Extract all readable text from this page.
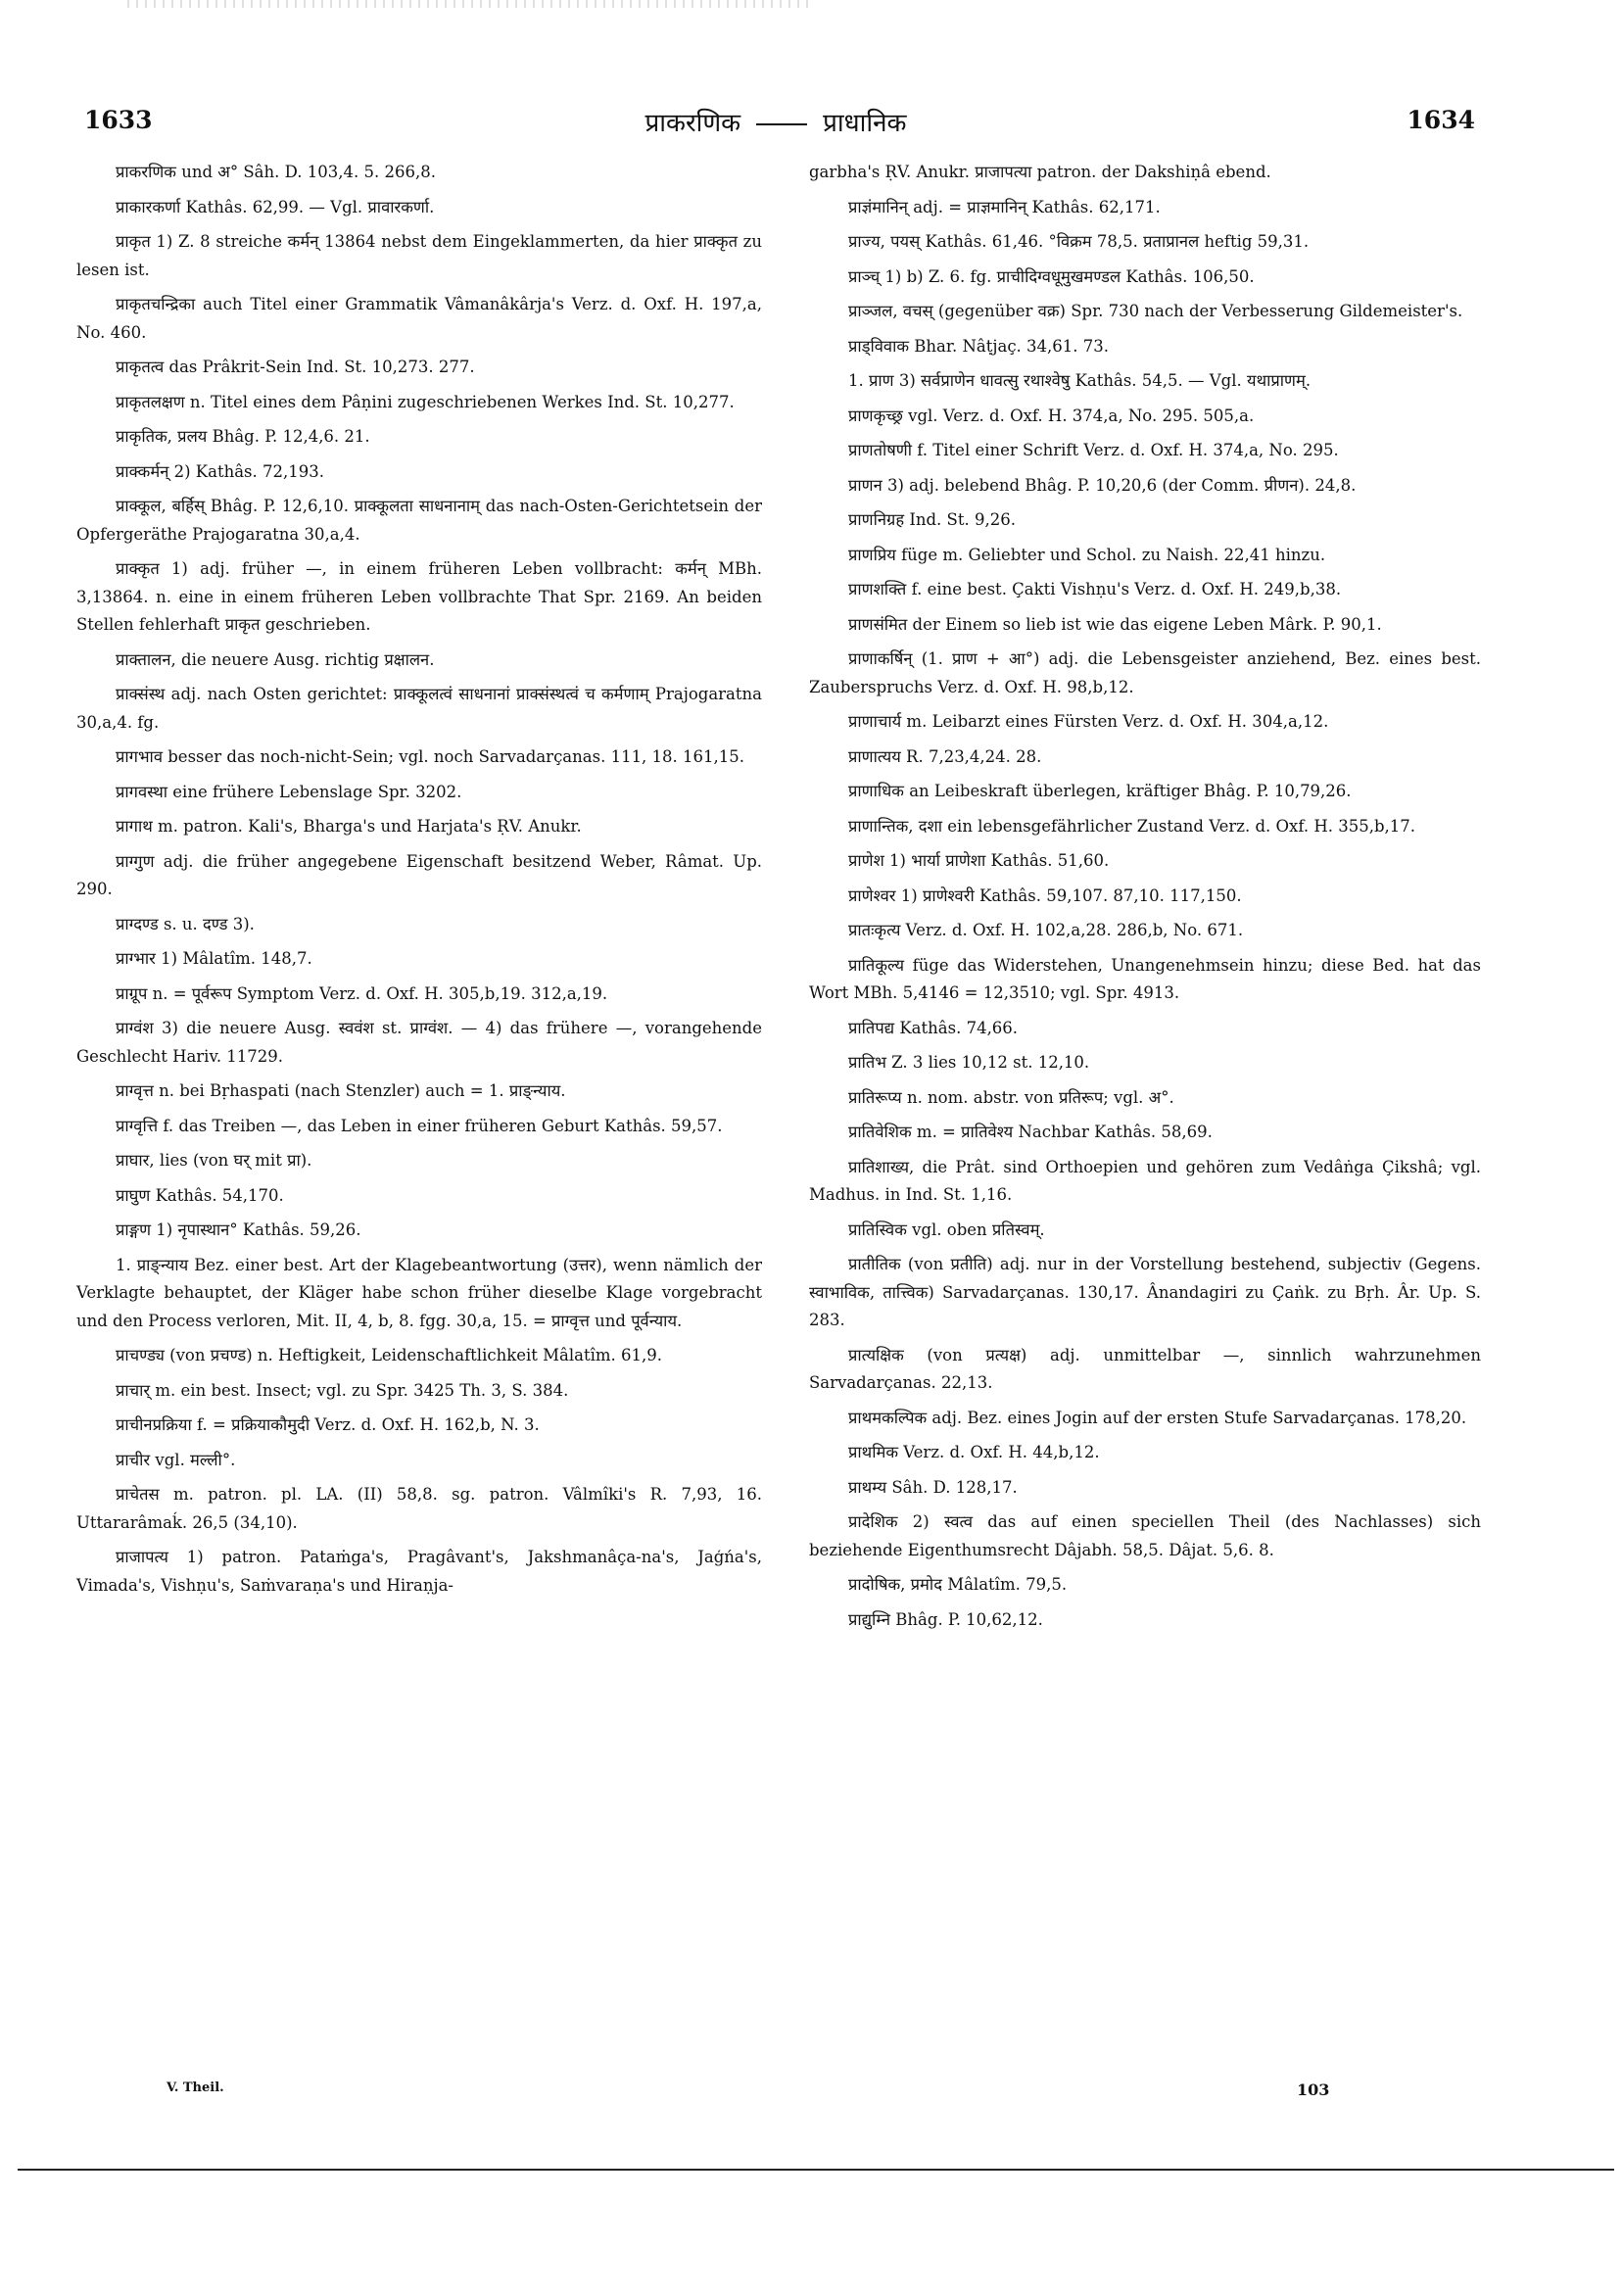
1633	प्राकरणिक	प्राधानिक	1634

प्राकरणिक und अ° Sâh. D. 103,4. 5. 266,8.

प्राकारकर्णा Kathâs. 62,99. — Vgl. प्रावारकर्णा.

प्राकृत 1) Z. 8 streiche कर्मन् 13864 nebst dem Eingeklammerten, da hier प्राक्कृत zu lesen ist.

प्राकृतचन्द्रिका auch Titel einer Grammatik Vâmanâkârja's Verz. d. Oxf. H. 197,a, No. 460.

प्राकृतत्व das Prâkrit-Sein Ind. St. 10,273. 277.

प्राकृतलक्षण n. Titel eines dem Pâṇini zugeschriebenen Werkes Ind. St. 10,277.

प्राकृतिक, प्रलय Bhâg. P. 12,4,6. 21.

प्राक्कर्मन् 2) Kathâs. 72,193.

प्राक्कूल, बर्हिस् Bhâg. P. 12,6,10. प्राक्कूलता साधनानाम् das nach-Osten-Gerichtetsein der Opfergeräthe Prajogaratna 30,a,4.

प्राक्कृत 1) adj. früher —, in einem früheren Leben vollbracht: कर्मन् MBh. 3,13864. n. eine in einem früheren Leben vollbrachte That Spr. 2169. An beiden Stellen fehlerhaft प्राकृत geschrieben.

प्राक्तालन, die neuere Ausg. richtig प्रक्षालन.

प्राक्संस्थ adj. nach Osten gerichtet: प्राक्कूलत्वं साधनानां प्राक्संस्थत्वं च कर्मणाम् Prajogaratna 30,a,4. fg.

प्रागभाव besser das noch-nicht-Sein; vgl. noch Sarvadarçanas. 111, 18. 161,15.

प्रागवस्था eine frühere Lebenslage Spr. 3202.

प्रागाथ m. patron. Kali's, Bharga's und Harjata's ṚV. Anukr.

प्राग्गुण adj. die früher angegebene Eigenschaft besitzend Weber, Râmat. Up. 290.

प्राग्दण्ड s. u. दण्ड 3).

प्राग्भार 1) Mâlatîm. 148,7.

प्राग्रूप n. = पूर्वरूप Symptom Verz. d. Oxf. H. 305,b,19. 312,a,19.

प्राग्वंश 3) die neuere Ausg. स्ववंश st. प्राग्वंश. — 4) das frühere —, vorangehende Geschlecht Hariv. 11729.

प्राग्वृत्त n. bei Bṛhaspati (nach Stenzler) auch = 1. प्राङ्न्याय.

प्राग्वृत्ति f. das Treiben —, das Leben in einer früheren Geburt Kathâs. 59,57.

प्राघार, lies (von घर् mit प्रा).

प्राघुण Kathâs. 54,170.

प्राङ्गण 1) नृपास्थान° Kathâs. 59,26.

1. प्राङ्न्याय Bez. einer best. Art der Klagebeantwortung (उत्तर), wenn nämlich der Verklagte behauptet, der Kläger habe schon früher dieselbe Klage vorgebracht und den Process verloren, Mit. II, 4, b, 8. fgg. 30,a, 15. = प्राग्वृत्त und पूर्वन्याय.

प्राचण्ड्य (von प्रचण्ड) n. Heftigkeit, Leidenschaftlichkeit Mâlatîm. 61,9.

प्राचार् m. ein best. Insect; vgl. zu Spr. 3425 Th. 3, S. 384.

प्राचीनप्रक्रिया f. = प्रक्रियाकौमुदी Verz. d. Oxf. H. 162,b, N. 3.

प्राचीर vgl. मल्ली°.

प्राचेतस m. patron. pl. LA. (II) 58,8. sg. patron. Vâlmîki's R. 7,93, 16. Uttararâmaḱ. 26,5 (34,10).

प्राजापत्य 1) patron. Pataṁga's, Pragâvant's, Jakshmanâça-na's, Jaģńa's, Vimada's, Vishṇu's, Saṁvaraṇa's und Hiraṇja-

garbha's ṚV. Anukr. प्राजापत्या patron. der Dakshiṇâ ebend.

प्राज्ञंमानिन् adj. = प्राज्ञमानिन् Kathâs. 62,171.

प्राज्य, पयस् Kathâs. 61,46. °विक्रम 78,5. प्रताप्रानल heftig 59,31.

प्राञ्च् 1) b) Z. 6. fg. प्राचीदिग्वधूमुखमण्डल Kathâs. 106,50.

प्राञ्जल, वचस् (gegenüber वक्र) Spr. 730 nach der Verbesserung Gildemeister's.

प्राड्विवाक Bhar. Nâṭjaç. 34,61. 73.

1. प्राण 3) सर्वप्राणेन धावत्सु रथाश्वेषु Kathâs. 54,5. — Vgl. यथाप्राणम्.

प्राणकृच्छ्र vgl. Verz. d. Oxf. H. 374,a, No. 295. 505,a.

प्राणतोषणी f. Titel einer Schrift Verz. d. Oxf. H. 374,a, No. 295.

प्राणन 3) adj. belebend Bhâg. P. 10,20,6 (der Comm. प्रीणन). 24,8.

प्राणनिग्रह Ind. St. 9,26.

प्राणप्रिय füge m. Geliebter und Schol. zu Naish. 22,41 hinzu.

प्राणशक्ति f. eine best. Çakti Vishṇu's Verz. d. Oxf. H. 249,b,38.

प्राणसंमित der Einem so lieb ist wie das eigene Leben Mârk. P. 90,1.

प्राणाकर्षिन् (1. प्राण + आ°) adj. die Lebensgeister anziehend, Bez. eines best. Zauberspruchs Verz. d. Oxf. H. 98,b,12.

प्राणाचार्य m. Leibarzt eines Fürsten Verz. d. Oxf. H. 304,a,12.

प्राणात्यय R. 7,23,4,24. 28.

प्राणाधिक an Leibeskraft überlegen, kräftiger Bhâg. P. 10,79,26.

प्राणान्तिक, दशा ein lebensgefährlicher Zustand Verz. d. Oxf. H. 355,b,17.

प्राणेश 1) भार्या प्राणेशा Kathâs. 51,60.

प्राणेश्वर 1) प्राणेश्वरी Kathâs. 59,107. 87,10. 117,150.

प्रातःकृत्य Verz. d. Oxf. H. 102,a,28. 286,b, No. 671.

प्रातिकूल्य füge das Widerstehen, Unangenehmsein hinzu; diese Bed. hat das Wort MBh. 5,4146 = 12,3510; vgl. Spr. 4913.

प्रातिपद्य Kathâs. 74,66.

प्रातिभ Z. 3 lies 10,12 st. 12,10.

प्रातिरूप्य n. nom. abstr. von प्रतिरूप; vgl. अ°.

प्रातिवेशिक m. = प्रातिवेश्य Nachbar Kathâs. 58,69.

प्रातिशाख्य, die Prât. sind Orthoepien und gehören zum Vedâṅga Çikshâ; vgl. Madhus. in Ind. St. 1,16.

प्रातिस्विक vgl. oben प्रतिस्वम्.

प्रातीतिक (von प्रतीति) adj. nur in der Vorstellung bestehend, subjectiv (Gegens. स्वाभाविक, तात्त्विक) Sarvadarçanas. 130,17. Ânandagiri zu Çaṅk. zu Bṛh. Âr. Up. S. 283.

प्रात्यक्षिक (von प्रत्यक्ष) adj. unmittelbar —, sinnlich wahrzunehmen Sarvadarçanas. 22,13.

प्राथमकल्पिक adj. Bez. eines Jogin auf der ersten Stufe Sarvadarçanas. 178,20.

प्राथमिक Verz. d. Oxf. H. 44,b,12.

प्राथम्य Sâh. D. 128,17.

प्रादेशिक 2) स्वत्व das auf einen speciellen Theil (des Nachlasses) sich beziehende Eigenthumsrecht Dâjabh. 58,5. Dâjat. 5,6. 8.

प्रादोषिक, प्रमोद Mâlatîm. 79,5.

प्राद्युम्नि Bhâg. P. 10,62,12.

V. Theil.	103
